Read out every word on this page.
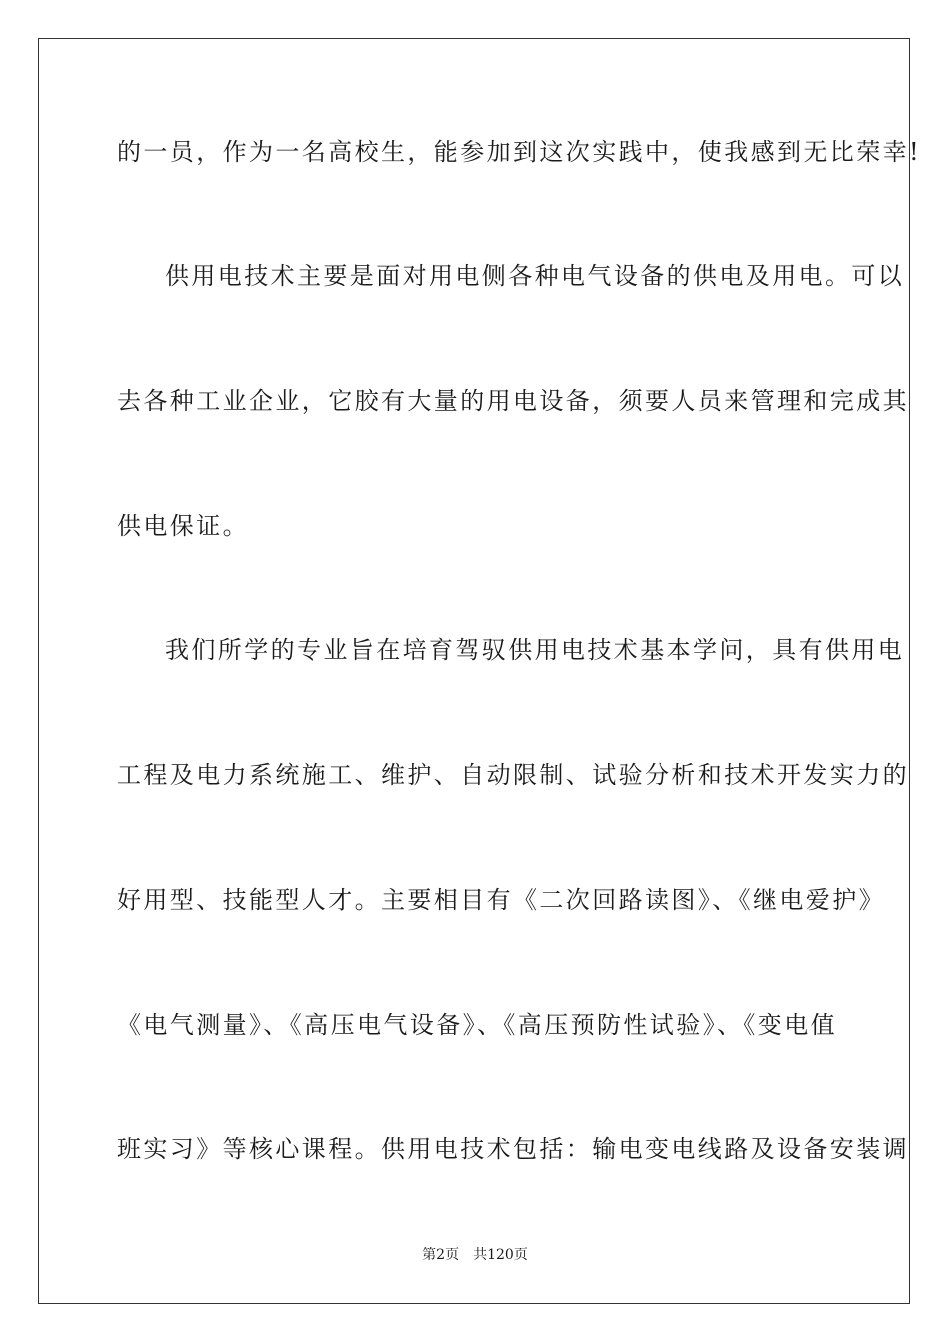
的一员，作为一名高校生，能参加到这次实践中，使我感到无比荣幸!
供用电技术主要是面对用电侧各种电气设备的供电及用电。可以
去各种工业企业，它胶有大量的用电设备，须要人员来管理和完成其
供电保证。
我们所学的专业旨在培育驾驭供用电技术基本学问，具有供用电
工程及电力系统施工、维护、自动限制、试验分析和技术开发实力的
好用型、技能型人才。主要相目有《二次回路读图》、《继电爱护》
《电气测量》、《高压电气设备》、《高压预防性试验》、《变电值
班实习》等核心课程。供用电技术包括：输电变电线路及设备安装调
第2页 共120页
